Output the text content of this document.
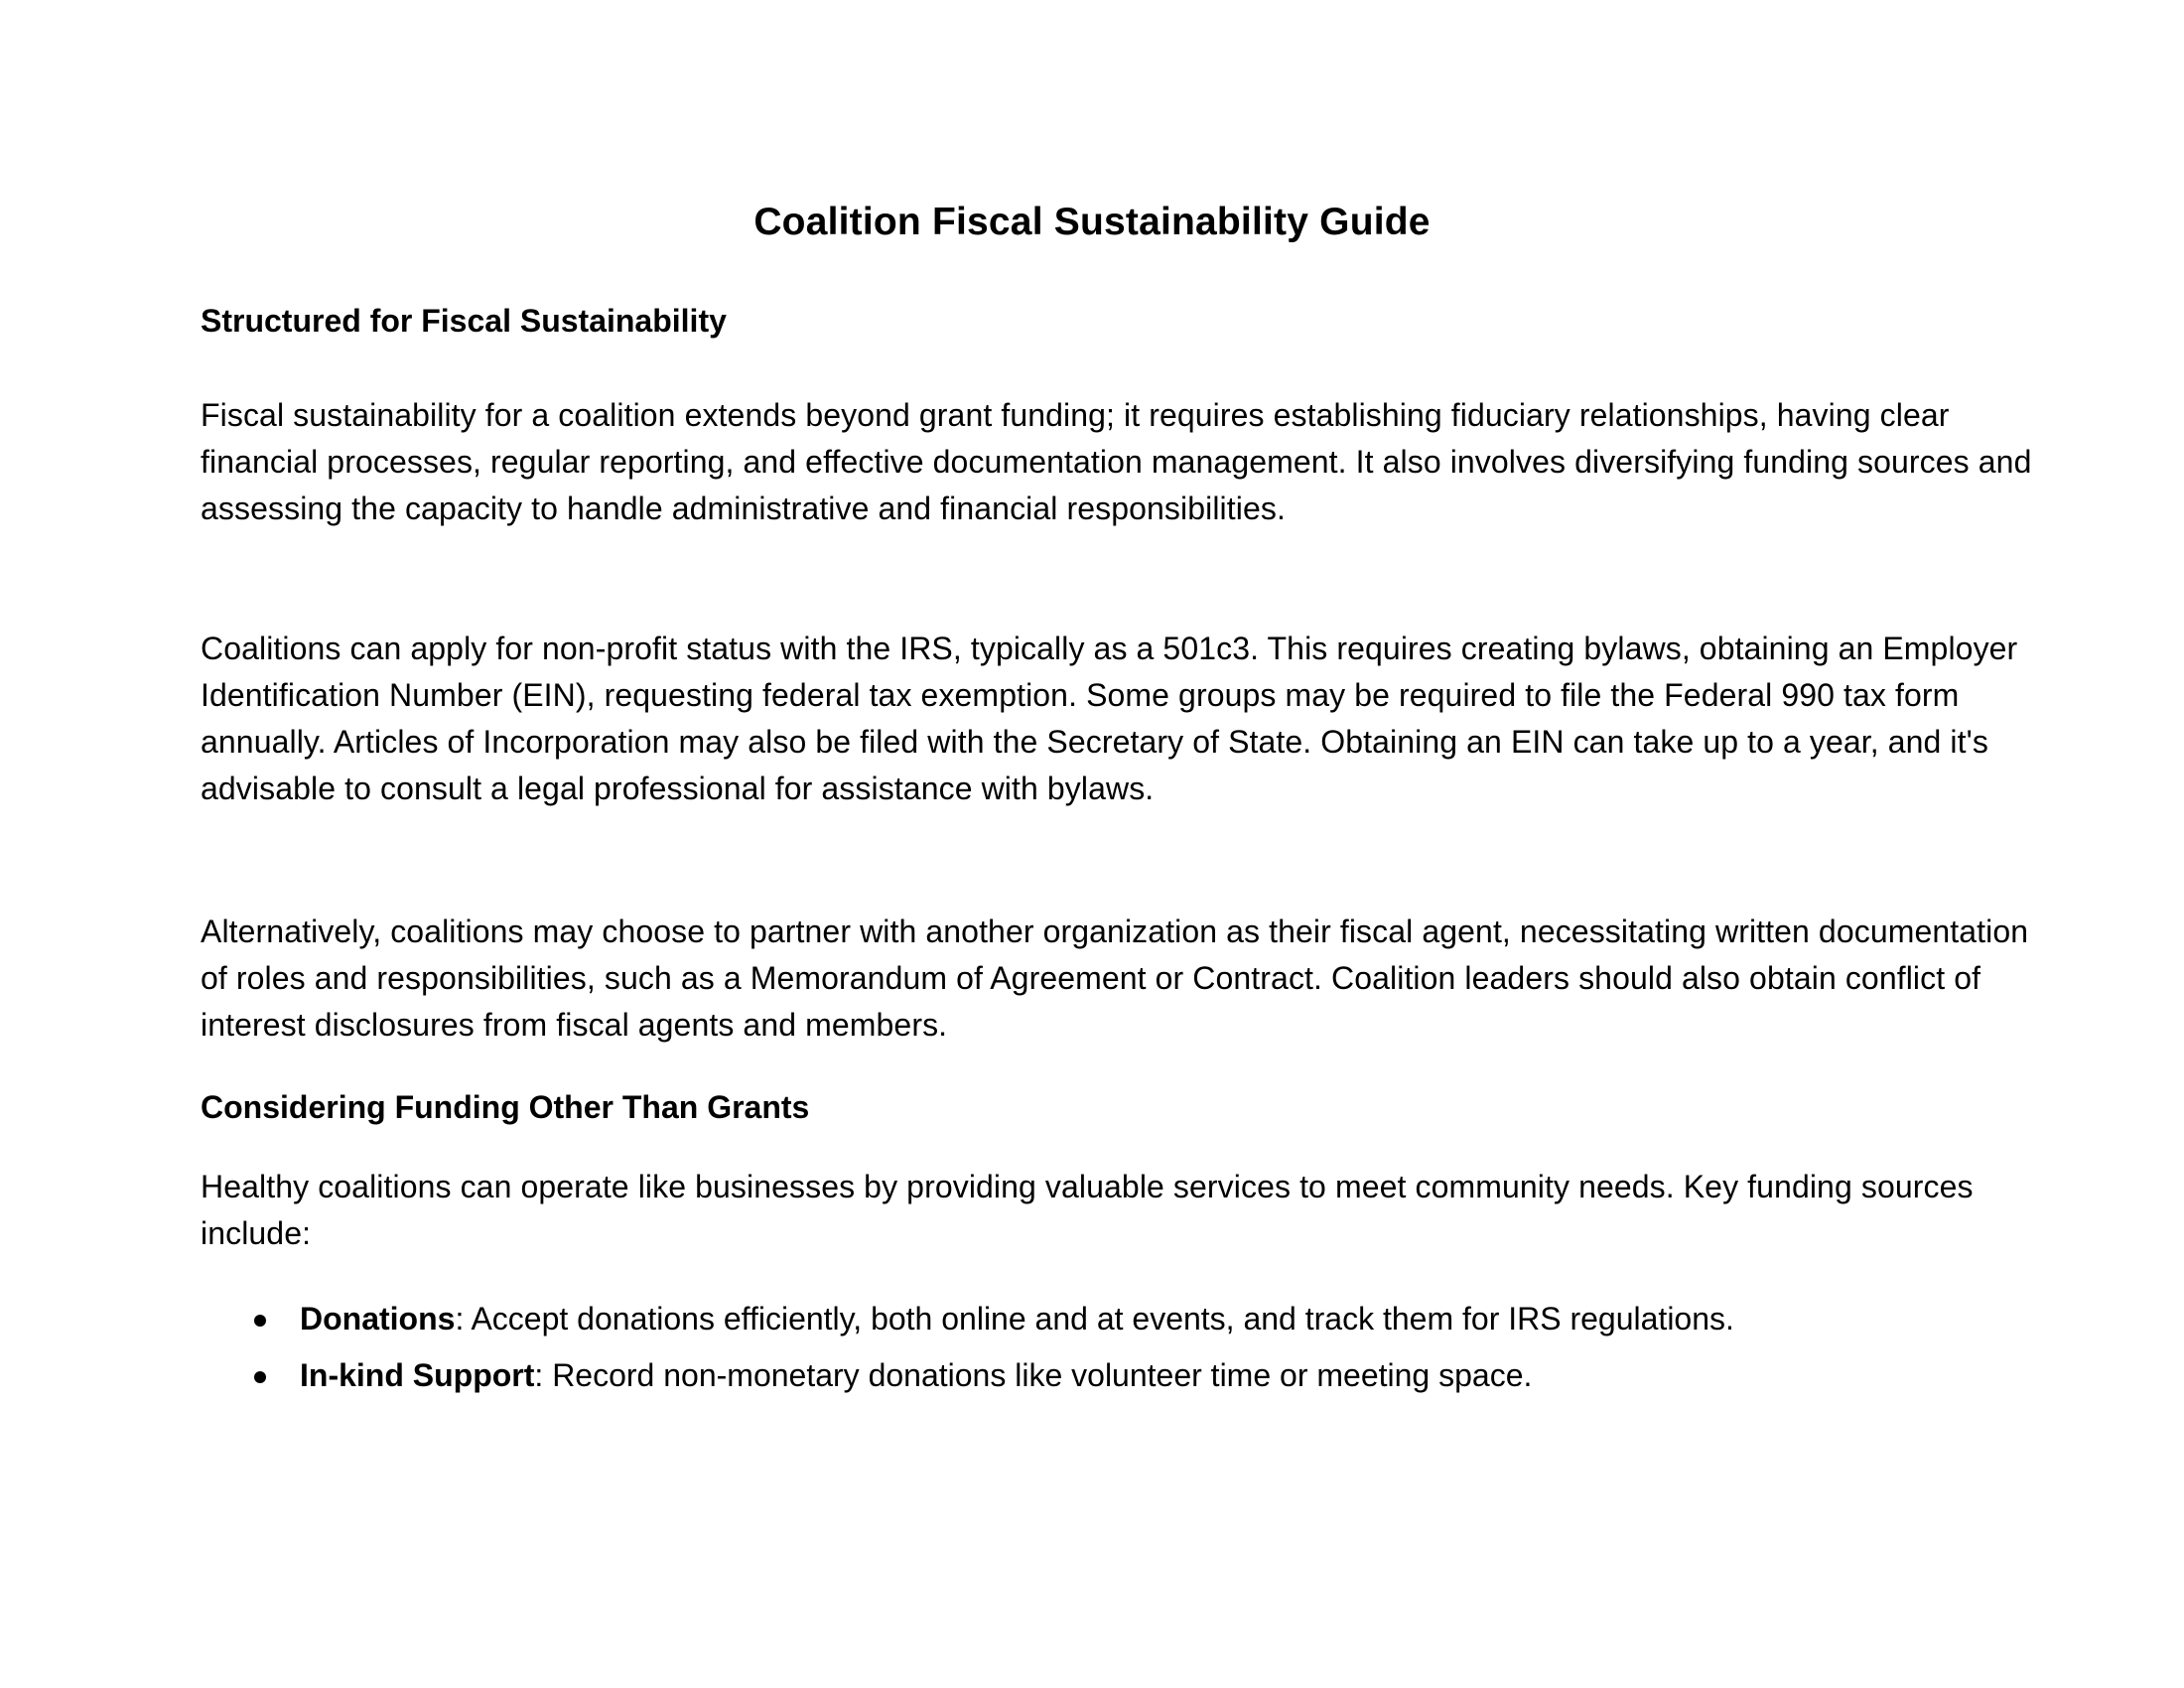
Coalition Fiscal Sustainability Guide
Structured for Fiscal Sustainability
Fiscal sustainability for a coalition extends beyond grant funding; it requires establishing fiduciary relationships, having clear financial processes, regular reporting, and effective documentation management. It also involves diversifying funding sources and assessing the capacity to handle administrative and financial responsibilities.
Coalitions can apply for non-profit status with the IRS, typically as a 501c3. This requires creating bylaws, obtaining an Employer Identification Number (EIN), requesting federal tax exemption. Some groups may be required to file the Federal 990 tax form annually. Articles of Incorporation may also be filed with the Secretary of State. Obtaining an EIN can take up to a year, and it's advisable to consult a legal professional for assistance with bylaws.
Alternatively, coalitions may choose to partner with another organization as their fiscal agent, necessitating written documentation of roles and responsibilities, such as a Memorandum of Agreement or Contract. Coalition leaders should also obtain conflict of interest disclosures from fiscal agents and members.
Considering Funding Other Than Grants
Healthy coalitions can operate like businesses by providing valuable services to meet community needs. Key funding sources include:
Donations: Accept donations efficiently, both online and at events, and track them for IRS regulations.
In-kind Support: Record non-monetary donations like volunteer time or meeting space.
